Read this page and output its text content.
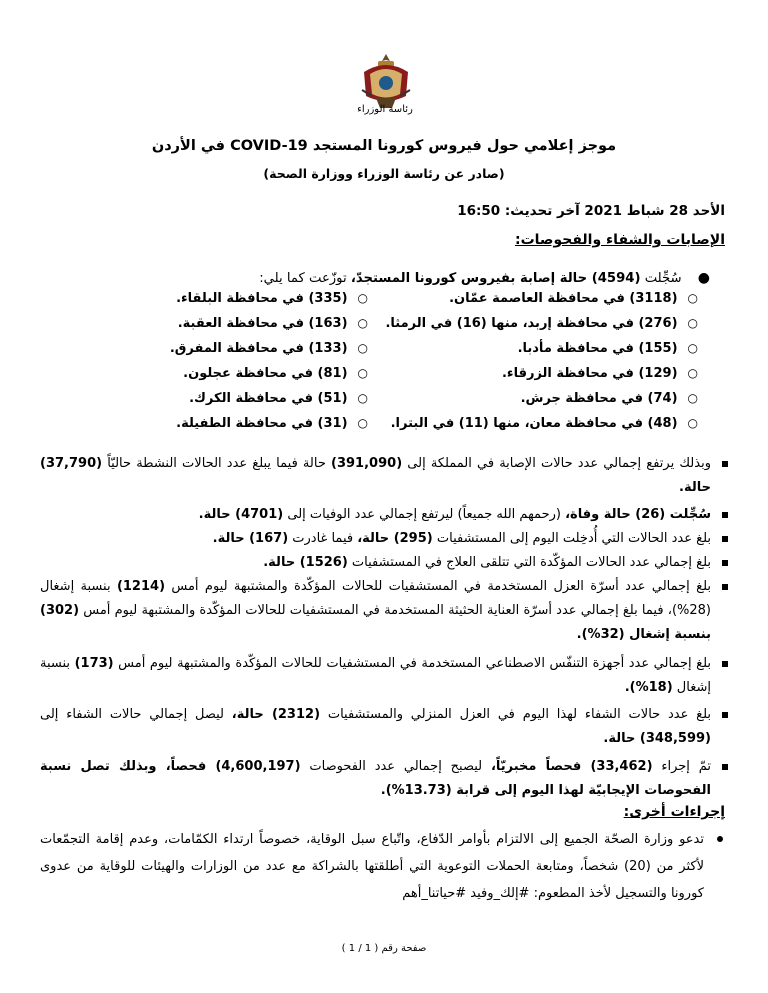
رئاسة الوزراء
موجز إعلامي حول فيروس كورونا المستجد COVID-19 في الأردن
(صادر عن رئاسة الوزراء ووزارة الصحة)
الأحد 28 شباط 2021 آخر تحديث: 16:50
الإصابات والشفاء والفحوصات:
● سُجِّلت (4594) حالة إصابة بفيروس كورونا المستجدّ، توزّعت كما يلي:
○(3118) في محافظة العاصمة عمّان.
○(335) في محافظة البلقاء.
○(276) في محافظة إربد، منها (16) في الرمثا.
○(163) في محافظة العقبة.
○(155) في محافظة مأدبا.
○(133) في محافظة المفرق.
○(129) في محافظة الزرقاء.
○(81) في محافظة عجلون.
○(74) في محافظة جرش.
○(51) في محافظة الكرك.
○(48) في محافظة معان، منها (11) في البترا.
○(31) في محافظة الطفيلة.
وبذلك يرتفع إجمالي عدد حالات الإصابة في المملكة إلى (391,090) حالة فيما يبلغ عدد الحالات النشطة حاليّاً (37,790) حالة.
سُجِّلت (26) حالة وفاة، (رحمهم الله جميعاً) ليرتفع إجمالي عدد الوفيات إلى (4701) حالة.
بلغ عدد الحالات التي أُدخِلت اليوم إلى المستشفيات (295) حالة، فيما غادرت (167) حالة.
بلغ إجمالي عدد الحالات المؤكّدة التي تتلقى العلاج في المستشفيات (1526) حالة.
بلغ إجمالي عدد أسرّة العزل المستخدمة في المستشفيات للحالات المؤكّدة والمشتبهة ليوم أمس (1214) بنسبة إشغال (28%)، فيما بلغ إجمالي عدد أسرّة العناية الحثيثة المستخدمة في المستشفيات للحالات المؤكّدة والمشتبهة ليوم أمس (302) بنسبة إشغال (32%).
بلغ إجمالي عدد أجهزة التنفّس الاصطناعي المستخدمة في المستشفيات للحالات المؤكّدة والمشتبهة ليوم أمس (173) بنسبة إشغال (18%).
بلغ عدد حالات الشفاء لهذا اليوم في العزل المنزلي والمستشفيات (2312) حالة، ليصل إجمالي حالات الشفاء إلى (348,599) حالة.
تمّ إجراء (33,462) فحصاً مخبريّاً، ليصبح إجمالي عدد الفحوصات (4,600,197) فحصاً، وبذلك تصل نسبة الفحوصات الإيجابيّة لهذا اليوم إلى قرابة (13.73%).
إجراءات أخرى:
تدعو وزارة الصحّة الجميع إلى الالتزام بأوامر الدّفاع، واتّباع سبل الوقاية، خصوصاً ارتداء الكمّامات، وعدم إقامة التجمّعات لأكثر من (20) شخصاً، ومتابعة الحملات التوعوية التي أطلقتها بالشراكة مع عدد من الوزارات والهيئات للوقاية من عدوى كورونا والتسجيل لأخذ المطعوم: #إلك_وفيد #حياتنا_أهم
صفحة رقم ( 1 / 1 )
